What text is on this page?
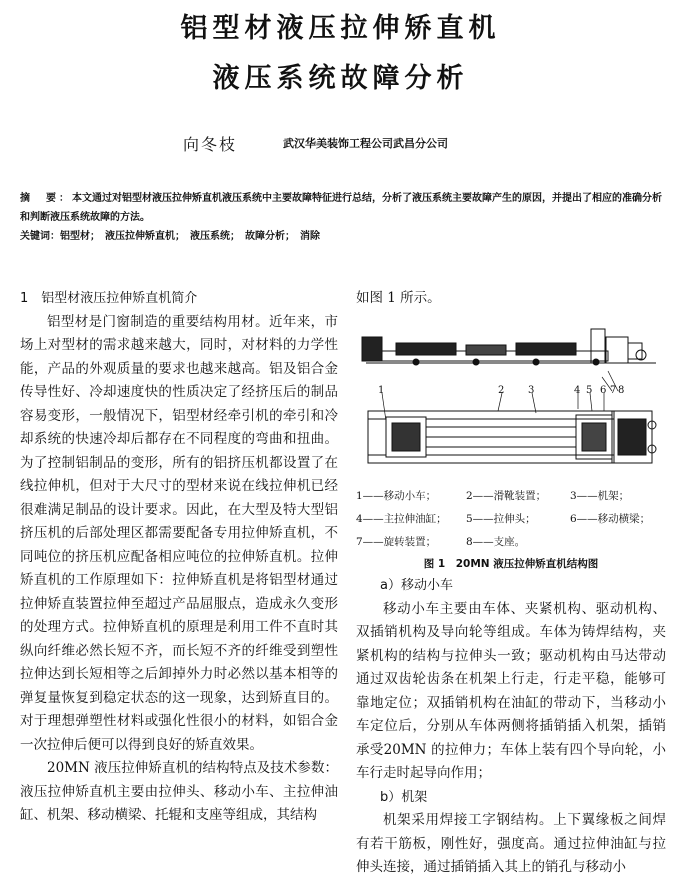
铝型材液压拉伸矫直机
液压系统故障分析
向冬枝	武汉华美装饰工程公司武昌分公司
摘　要：本文通过对铝型材液压拉伸矫直机液压系统中主要故障特征进行总结，分析了液压系统主要故障产生的原因，并提出了相应的准确分析和判断液压系统故障的方法。
关键词：铝型材；　液压拉伸矫直机；　液压系统；　故障分析；　消除
1　铝型材液压拉伸矫直机简介

铝型材是门窗制造的重要结构用材。近年来，市场上对型材的需求越来越大，同时，对材料的力学性能，产品的外观质量的要求也越来越高。铝及铝合金传导性好、冷却速度快的性质决定了经挤压后的制品容易变形，一般情况下，铝型材经牵引机的牵引和冷却系统的快速冷却后都存在不同程度的弯曲和扭曲。为了控制铝制品的变形，所有的铝挤压机都设置了在线拉伸机，但对于大尺寸的型材来说在线拉伸机已经很难满足制品的设计要求。因此，在大型及特大型铝挤压机的后部处理区都需要配备专用拉伸矫直机，不同吨位的挤压机应配备相应吨位的拉伸矫直机。拉伸矫直机的工作原理如下：拉伸矫直机是将铝型材通过拉伸矫直装置拉伸至超过产品屈服点，造成永久变形的处理方式。拉伸矫直机的原理是利用工件不直时其纵向纤维必然长短不齐，而长短不齐的纤维受到塑性拉伸达到长短相等之后卸掉外力时必然以基本相等的弹复量恢复到稳定状态的这一现象，达到矫直目的。对于理想弹塑性材料或强化性很小的材料，如铝合金一次拉伸后便可以得到良好的矫直效果。

20MN 液压拉伸矫直机的结构特点及技术参数：液压拉伸矫直机主要由拉伸头、移动小车、主拉伸油缸、机架、移动横梁、托辊和支座等组成，其结构

如图 1 所示。

1	2 3	4 5 6 7 8
1——移动小车；	2——滑靴装置；	3——机架；
4——主拉伸油缸；	5——拉伸头；	6——移动横梁；
7——旋转装置；	8——支座。
图 1　20MN 液压拉伸矫直机结构图
a）移动小车

移动小车主要由车体、夹紧机构、驱动机构、双插销机构及导向轮等组成。车体为铸焊结构，夹紧机构的结构与拉伸头一致；驱动机构由马达带动通过双齿轮齿条在机架上行走，行走平稳，能够可靠地定位；双插销机构在油缸的带动下，当移动小车定位后，分别从车体两侧将插销插入机架，插销承受20MN 的拉伸力；车体上装有四个导向轮，小车行走时起导向作用；

b）机架

机架采用焊接工字钢结构。上下翼缘板之间焊有若干筋板，刚性好，强度高。通过拉伸油缸与拉伸头连接，通过插销插入其上的销孔与移动小
